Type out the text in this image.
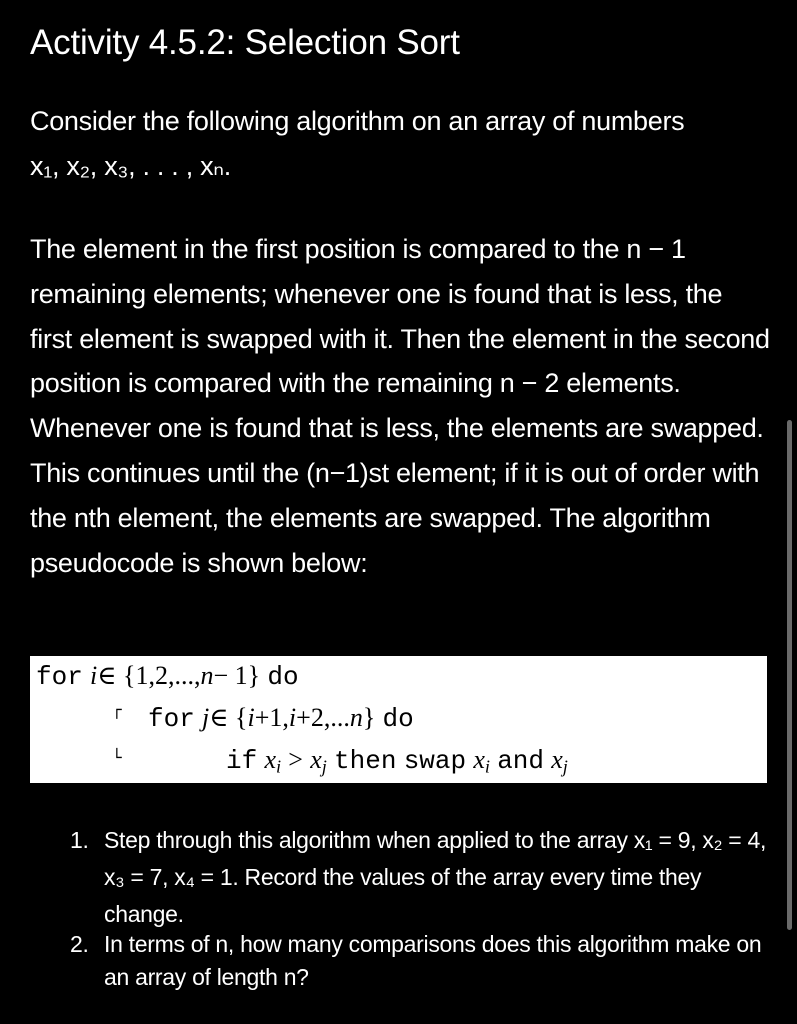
Activity 4.5.2: Selection Sort

Consider the following algorithm on an array of numbers x₁, x₂, x₃, . . . , xₙ.

The element in the first position is compared to the n − 1 remaining elements; whenever one is found that is less, the first element is swapped with it. Then the element in the second position is compared with the remaining n − 2 elements. Whenever one is found that is less, the elements are swapped. This continues until the (n−1)st element; if it is out of order with the nth element, the elements are swapped. The algorithm pseudocode is shown below:

for i∈ {1,2,...,n− 1} do
┌ for j∈ {i+1,i+2,...n} do
└	if $x_i > x_j$ then swap $x_i$ and $x_j$
1. Step through this algorithm when applied to the array x₁ = 9, x₂ = 4, x₃ = 7, x₄ = 1. Record the values of the array every time they change.
2. In terms of n, how many comparisons does this algorithm make on an array of length n?
